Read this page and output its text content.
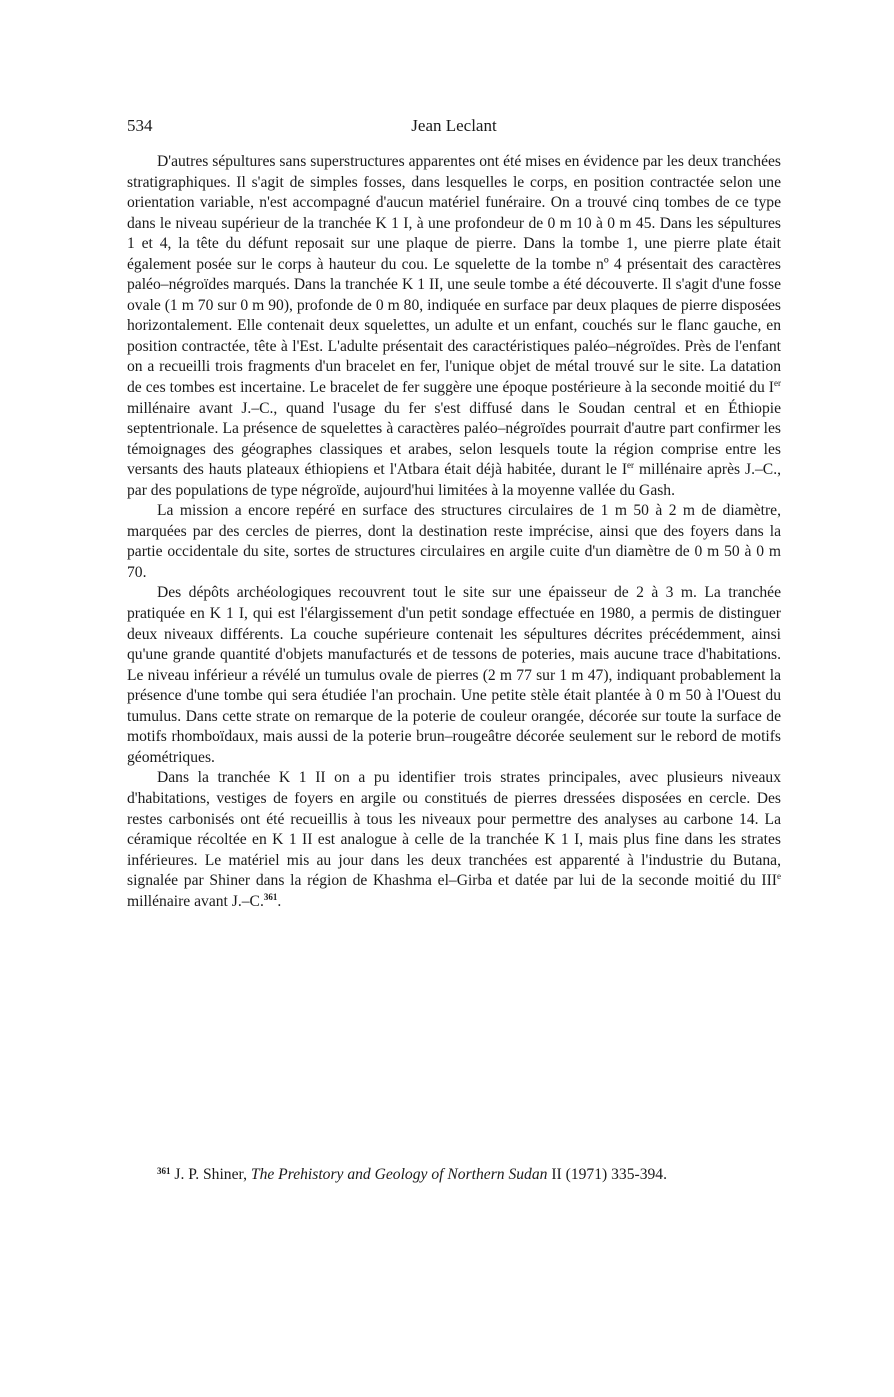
534	Jean Leclant

D'autres sépultures sans superstructures apparentes ont été mises en évidence par les deux tranchées stratigraphiques. Il s'agit de simples fosses, dans lesquelles le corps, en position contractée selon une orientation variable, n'est accompagné d'aucun matériel funéraire. On a trouvé cinq tombes de ce type dans le niveau supérieur de la tranchée K 1 I, à une profondeur de 0 m 10 à 0 m 45. Dans les sépultures 1 et 4, la tête du défunt reposait sur une plaque de pierre. Dans la tombe 1, une pierre plate était également posée sur le corps à hauteur du cou. Le squelette de la tombe nº 4 présentait des caractères paléo–négroïdes marqués. Dans la tranchée K 1 II, une seule tombe a été découverte. Il s'agit d'une fosse ovale (1 m 70 sur 0 m 90), profonde de 0 m 80, indiquée en surface par deux plaques de pierre disposées horizontalement. Elle contenait deux squelettes, un adulte et un enfant, couchés sur le flanc gauche, en position contractée, tête à l'Est. L'adulte présentait des caractéristiques paléo–négroïdes. Près de l'enfant on a recueilli trois fragments d'un bracelet en fer, l'unique objet de métal trouvé sur le site. La datation de ces tombes est incertaine. Le bracelet de fer suggère une époque postérieure à la seconde moitié du Ier millénaire avant J.–C., quand l'usage du fer s'est diffusé dans le Soudan central et en Éthiopie septentrionale. La présence de squelettes à caractères paléo–négroïdes pourrait d'autre part confirmer les témoignages des géographes classiques et arabes, selon lesquels toute la région comprise entre les versants des hauts plateaux éthiopiens et l'Atbara était déjà habitée, durant le Ier millénaire après J.–C., par des populations de type négroïde, aujourd'hui limitées à la moyenne vallée du Gash.

La mission a encore repéré en surface des structures circulaires de 1 m 50 à 2 m de diamètre, marquées par des cercles de pierres, dont la destination reste imprécise, ainsi que des foyers dans la partie occidentale du site, sortes de structures circulaires en argile cuite d'un diamètre de 0 m 50 à 0 m 70.

Des dépôts archéologiques recouvrent tout le site sur une épaisseur de 2 à 3 m. La tranchée pratiquée en K 1 I, qui est l'élargissement d'un petit sondage effectuée en 1980, a permis de distinguer deux niveaux différents. La couche supérieure contenait les sépultures décrites précédemment, ainsi qu'une grande quantité d'objets manufacturés et de tessons de poteries, mais aucune trace d'habitations. Le niveau inférieur a révélé un tumulus ovale de pierres (2 m 77 sur 1 m 47), indiquant probablement la présence d'une tombe qui sera étudiée l'an prochain. Une petite stèle était plantée à 0 m 50 à l'Ouest du tumulus. Dans cette strate on remarque de la poterie de couleur orangée, décorée sur toute la surface de motifs rhomboïdaux, mais aussi de la poterie brun–rougeâtre décorée seulement sur le rebord de motifs géométriques.

Dans la tranchée K 1 II on a pu identifier trois strates principales, avec plusieurs niveaux d'habitations, vestiges de foyers en argile ou constitués de pierres dressées disposées en cercle. Des restes carbonisés ont été recueillis à tous les niveaux pour permettre des analyses au carbone 14. La céramique récoltée en K 1 II est analogue à celle de la tranchée K 1 I, mais plus fine dans les strates inférieures. Le matériel mis au jour dans les deux tranchées est apparenté à l'industrie du Butana, signalée par Shiner dans la région de Khashma el–Girba et datée par lui de la seconde moitié du IIIe millénaire avant J.–C.$^{361}$.

$^{361}$ J. P. Shiner, The Prehistory and Geology of Northern Sudan II (1971) 335-394.
